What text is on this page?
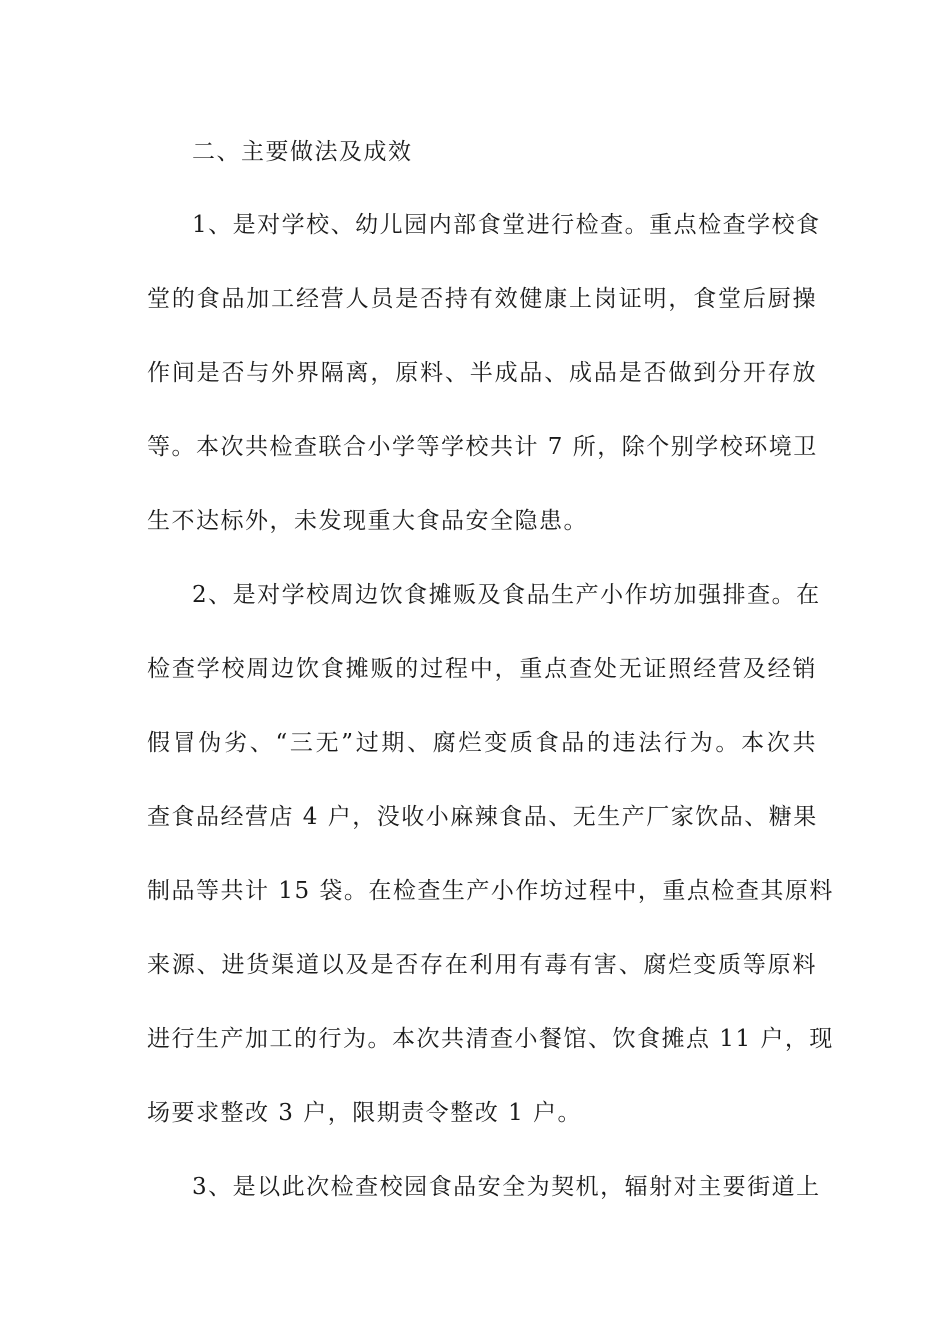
二、主要做法及成效
1、是对学校、幼儿园内部食堂进行检查。重点检查学校食
堂的食品加工经营人员是否持有效健康上岗证明，食堂后厨操
作间是否与外界隔离，原料、半成品、成品是否做到分开存放
等。本次共检查联合小学等学校共计 7 所，除个别学校环境卫
生不达标外，未发现重大食品安全隐患。
2、是对学校周边饮食摊贩及食品生产小作坊加强排查。在
检查学校周边饮食摊贩的过程中，重点查处无证照经营及经销
假冒伪劣、“三无”过期、腐烂变质食品的违法行为。本次共
查食品经营店 4 户，没收小麻辣食品、无生产厂家饮品、糖果
制品等共计 15 袋。在检查生产小作坊过程中，重点检查其原料
来源、进货渠道以及是否存在利用有毒有害、腐烂变质等原料
进行生产加工的行为。本次共清查小餐馆、饮食摊点 11 户，现
场要求整改 3 户，限期责令整改 1 户。
3、是以此次检查校园食品安全为契机，辐射对主要街道上
